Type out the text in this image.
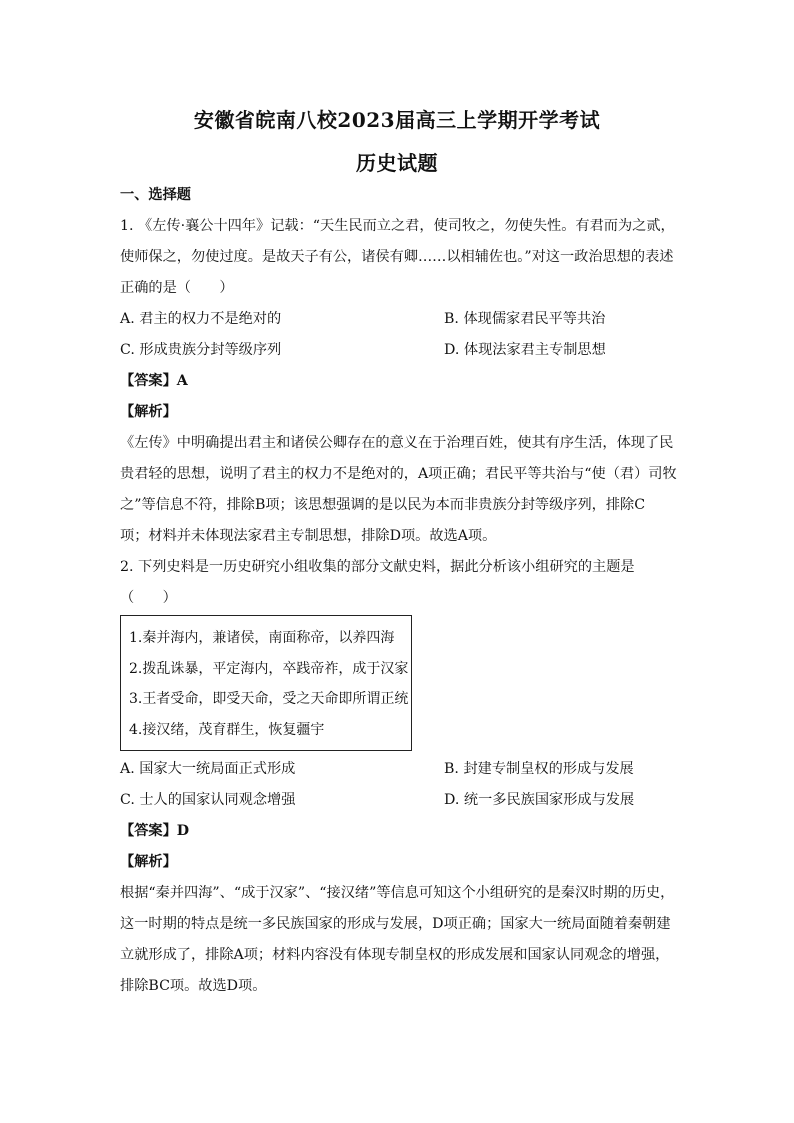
安徽省皖南八校2023届高三上学期开学考试
历史试题
一、选择题
1. 《左传·襄公十四年》记载：“天生民而立之君，使司牧之，勿使失性。有君而为之贰，
使师保之，勿使过度。是故天子有公，诸侯有卿……以相辅佐也。”对这一政治思想的表述
正确的是（　　）
A. 君主的权力不是绝对的	B. 体现儒家君民平等共治
C. 形成贵族分封等级序列	D. 体现法家君主专制思想
【答案】A
【解析】
《左传》中明确提出君主和诸侯公卿存在的意义在于治理百姓，使其有序生活，体现了民
贵君轻的思想，说明了君主的权力不是绝对的，A项正确；君民平等共治与“使（君）司牧
之”等信息不符，排除B项；该思想强调的是以民为本而非贵族分封等级序列，排除C
项；材料并未体现法家君主专制思想，排除D项。故选A项。
2. 下列史料是一历史研究小组收集的部分文献史料，据此分析该小组研究的主题是
（　　）
1.秦并海内，兼诸侯，南面称帝，以养四海
2.拨乱诛暴，平定海内，卒践帝祚，成于汉家
3.王者受命，即受天命，受之天命即所谓正统
4.接汉绪，茂育群生，恢复疆宇
A. 国家大一统局面正式形成	B. 封建专制皇权的形成与发展
C. 士人的国家认同观念增强	D. 统一多民族国家形成与发展
【答案】D
【解析】
根据“秦并四海”、“成于汉家”、“接汉绪”等信息可知这个小组研究的是秦汉时期的历史，
这一时期的特点是统一多民族国家的形成与发展，D项正确；国家大一统局面随着秦朝建
立就形成了，排除A项；材料内容没有体现专制皇权的形成发展和国家认同观念的增强，
排除BC项。故选D项。
